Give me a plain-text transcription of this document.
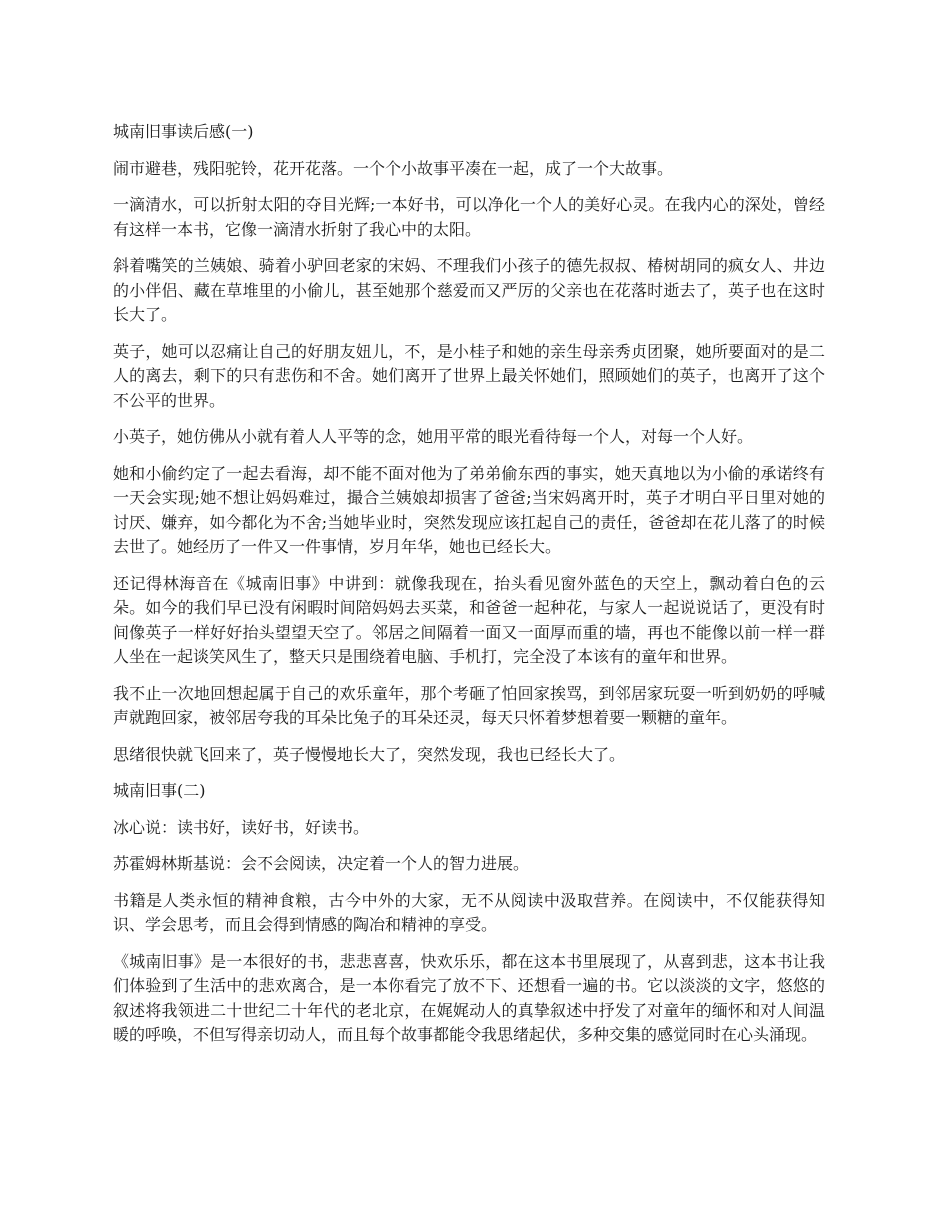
城南旧事读后感(一)

闹市避巷，残阳驼铃，花开花落。一个个小故事平凑在一起，成了一个大故事。

一滴清水，可以折射太阳的夺目光辉;一本好书，可以净化一个人的美好心灵。在我内心的深处，曾经有这样一本书，它像一滴清水折射了我心中的太阳。

斜着嘴笑的兰姨娘、骑着小驴回老家的宋妈、不理我们小孩子的德先叔叔、椿树胡同的疯女人、井边的小伴侣、藏在草堆里的小偷儿，甚至她那个慈爱而又严厉的父亲也在花落时逝去了，英子也在这时长大了。

英子，她可以忍痛让自己的好朋友妞儿，不，是小桂子和她的亲生母亲秀贞团聚，她所要面对的是二人的离去，剩下的只有悲伤和不舍。她们离开了世界上最关怀她们，照顾她们的英子，也离开了这个不公平的世界。

小英子，她仿佛从小就有着人人平等的念，她用平常的眼光看待每一个人，对每一个人好。

她和小偷约定了一起去看海，却不能不面对他为了弟弟偷东西的事实，她天真地以为小偷的承诺终有一天会实现;她不想让妈妈难过，撮合兰姨娘却损害了爸爸;当宋妈离开时，英子才明白平日里对她的讨厌、嫌弃，如今都化为不舍;当她毕业时，突然发现应该扛起自己的责任，爸爸却在花儿落了的时候去世了。她经历了一件又一件事情，岁月年华，她也已经长大。

还记得林海音在《城南旧事》中讲到：就像我现在，抬头看见窗外蓝色的天空上，飘动着白色的云朵。如今的我们早已没有闲暇时间陪妈妈去买菜，和爸爸一起种花，与家人一起说说话了，更没有时间像英子一样好好抬头望望天空了。邻居之间隔着一面又一面厚而重的墙，再也不能像以前一样一群人坐在一起谈笑风生了，整天只是围绕着电脑、手机打，完全没了本该有的童年和世界。

我不止一次地回想起属于自己的欢乐童年，那个考砸了怕回家挨骂，到邻居家玩耍一听到奶奶的呼喊声就跑回家，被邻居夸我的耳朵比兔子的耳朵还灵，每天只怀着梦想着要一颗糖的童年。

思绪很快就飞回来了，英子慢慢地长大了，突然发现，我也已经长大了。

城南旧事(二)

冰心说：读书好，读好书，好读书。

苏霍姆林斯基说：会不会阅读，决定着一个人的智力进展。

书籍是人类永恒的精神食粮，古今中外的大家，无不从阅读中汲取营养。在阅读中，不仅能获得知识、学会思考，而且会得到情感的陶冶和精神的享受。

《城南旧事》是一本很好的书，悲悲喜喜，快欢乐乐，都在这本书里展现了，从喜到悲，这本书让我们体验到了生活中的悲欢离合，是一本你看完了放不下、还想看一遍的书。它以淡淡的文字，悠悠的叙述将我领进二十世纪二十年代的老北京，在娓娓动人的真挚叙述中抒发了对童年的缅怀和对人间温暖的呼唤，不但写得亲切动人，而且每个故事都能令我思绪起伏，多种交集的感觉同时在心头涌现。
